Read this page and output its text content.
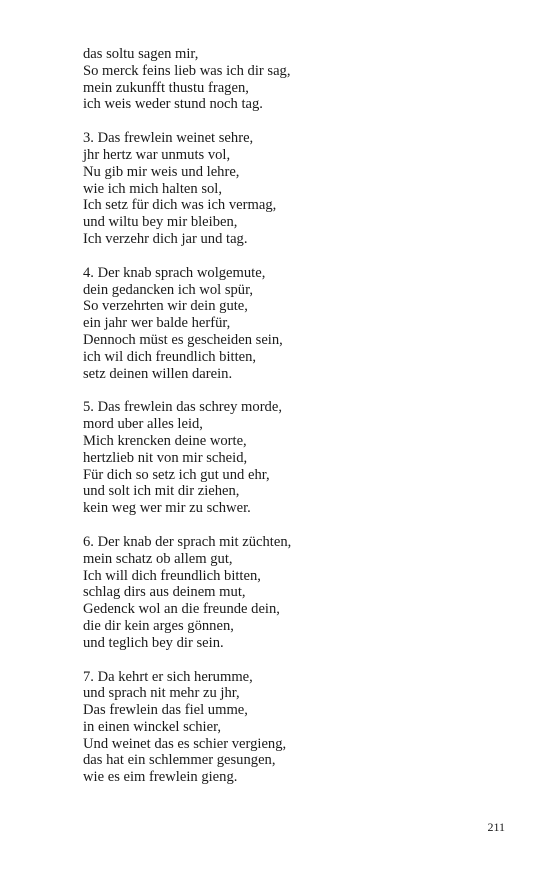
das soltu sagen mir,
So merck feins lieb was ich dir sag,
mein zukunfft thustu fragen,
ich weis weder stund noch tag.
3. Das frewlein weinet sehre,
jhr hertz war unmuts vol,
Nu gib mir weis und lehre,
wie ich mich halten sol,
Ich setz für dich was ich vermag,
und wiltu bey mir bleiben,
Ich verzehr dich jar und tag.
4. Der knab sprach wolgemute,
dein gedancken ich wol spür,
So verzehrten wir dein gute,
ein jahr wer balde herfür,
Dennoch müst es gescheiden sein,
ich wil dich freundlich bitten,
setz deinen willen darein.
5. Das frewlein das schrey morde,
mord uber alles leid,
Mich krencken deine worte,
hertzlieb nit von mir scheid,
Für dich so setz ich gut und ehr,
und solt ich mit dir ziehen,
kein weg wer mir zu schwer.
6. Der knab der sprach mit züchten,
mein schatz ob allem gut,
Ich will dich freundlich bitten,
schlag dirs aus deinem mut,
Gedenck wol an die freunde dein,
die dir kein arges gönnen,
und teglich bey dir sein.
7. Da kehrt er sich herumme,
und sprach nit mehr zu jhr,
Das frewlein das fiel umme,
in einen winckel schier,
Und weinet das es schier vergieng,
das hat ein schlemmer gesungen,
wie es eim frewlein gieng.
211
